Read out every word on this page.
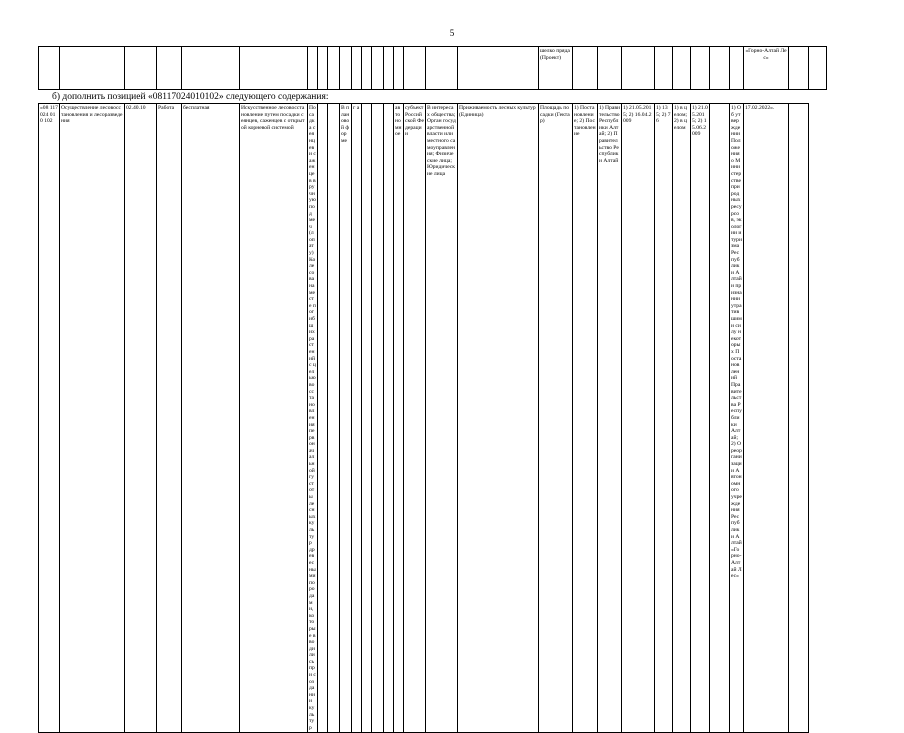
5
																		шелко пряда (Проект)									«Горно-Алтай Лес»		
б) дополнить позицией «08117024010102» следующего содержания:
«08 117 024 010 102	Осуществление лесовосстановления и лесоразведения	02.40.10	Работа	бесплатная	Искусственное лесовосстановление путем посадки сеянцев, саженцев с открытой корневой системой	Посадка сеянцев и саженцев вручную под меч (лопату) Колесова на месте погибших растений с целью восстановления первоначальной густоты лесных культур древесными породами, которые вводились при создании культур			В плановой форме	г а				автономное	субъект Российской Федерации	В интересах общества; Орган государственной власти или местного самоуправления; Физические лица; Юридические лица	Приживаемость лесных культур (Единица)	Площадь посадки (Гектар)	1) Постановление; 2) Постановление	1) Правительство Республики Алтай; 2) Правительство Республики Алтай	1) 21.05.2015; 2) 16.04.2009	1) 135; 2) 76	1) в целом; 2) в целом	1) 21.05.2015; 2) 15.06.2009		1) Об утверждении Положения о Министерстве природных ресурсов, экологии и туризма Республики Алтай и признании утратившими силу некоторых Постановлений Правительства Республики Алтай; 2) О реорганизации Автономного учреждения Республики Алтай «Горно-Алтай Лес»	17.02.2022».	
